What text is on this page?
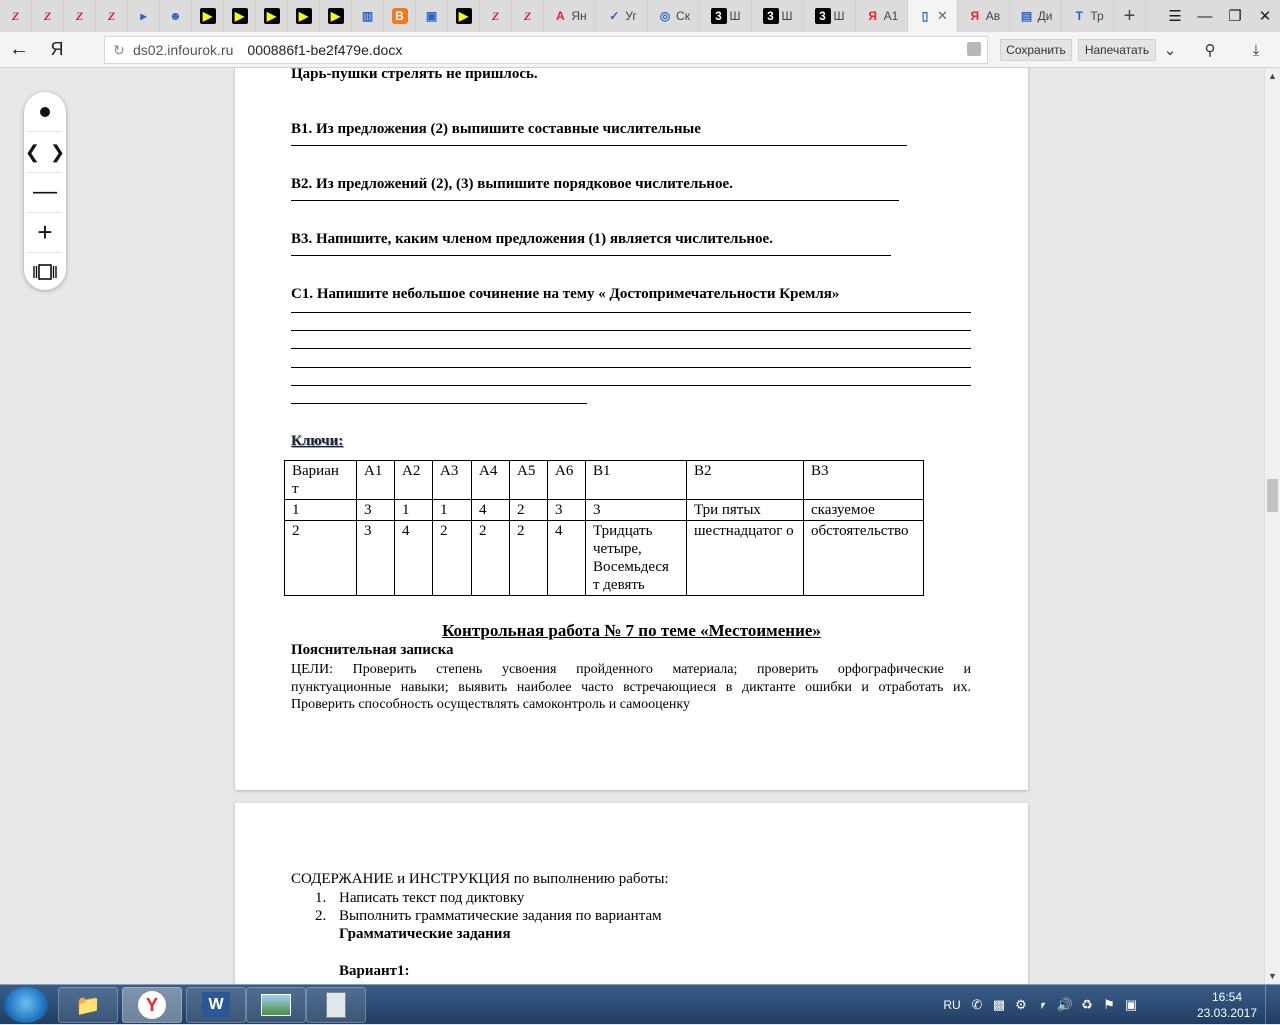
Z	Z	Z	Z	▸	☻ ▶ ▶ ▶ ▶ ▶ ▥	B	▣ ▶	Z	Z	A Ян ✓ Уг ◎ Ск	3 Ш	3 Ш	3 Ш	Я А1	▯ ✕	Я Ав ▤ Ди	Т Тр +	☰	—	❐	✕
←	Я	↻ ds02.infourok.ru 000886f1-be2f479e.docx	Сохранить	Напечатать ⌄	⚲	⤓
Царь-пушки стрелять не пришлось.
В1. Из предложения (2) выпишите составные числительные
В2. Из предложений (2), (3) выпишите порядковое числительное.
В3. Напишите, каким членом предложения (1) является числительное.
С1. Напишите небольшое сочинение на тему « Достопримечательности Кремля»
Ключи:
Вариан т	А1	А2	А3	А4	А5	А6	В1	В2	В3
1	3	1	1	4	2	3	3	Три пятых	сказуемое
2	3	4	2	2	2	4	Тридцать четыре, Восемьдеся т девять	шестнадцатог о	обстоятельство
Контрольная работа № 7 по теме «Местоимение»
Пояснительная записка
ЦЕЛИ: Проверить степень усвоения пройденного материала; проверить орфографические и
пунктуационные навыки; выявить наиболее часто встречающиеся в диктанте ошибки и отработать их.
Проверить способность осуществлять самоконтроль и самооценку
СОДЕРЖАНИЕ и ИНСТРУКЦИЯ по выполнению работы:
1. Написать текст под диктовку
2. Выполнить грамматические задания по вариантам
Грамматические задания
Вариант1:
❮  ❯
—
+
▲
▼
📁	Y	W	RU ✆ ▩ ⚙ ⎖ 🔊 ♻ ⚑ ▣	16:54
23.03.2017
